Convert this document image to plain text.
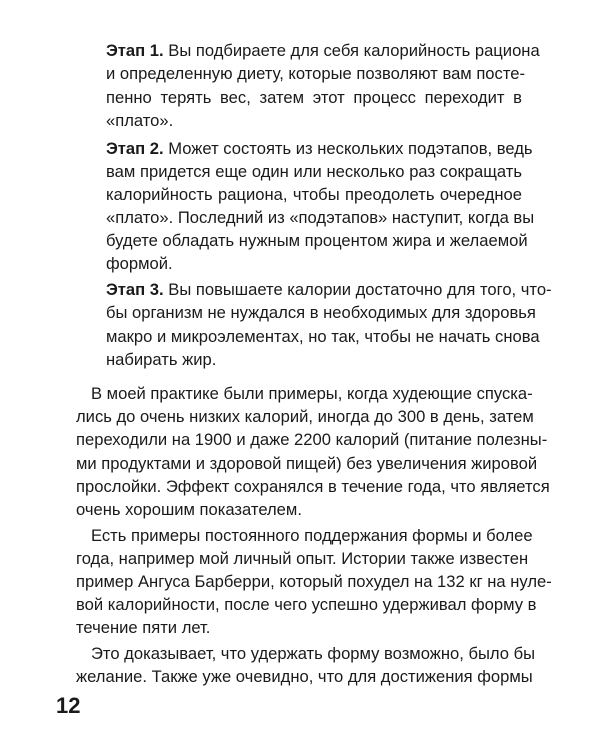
Этап 1. Вы подбираете для себя калорийность рациона
и определенную диету, которые позволяют вам посте-
пенно терять вес, затем этот процесс переходит в
«плато».
Этап 2. Может состоять из нескольких подэтапов, ведь
вам придется еще один или несколько раз сокращать
калорийность рациона, чтобы преодолеть очередное
«плато». Последний из «подэтапов» наступит, когда вы
будете обладать нужным процентом жира и желаемой
формой.
Этап 3. Вы повышаете калории достаточно для того, что-
бы организм не нуждался в необходимых для здоровья
макро и микроэлементах, но так, чтобы не начать снова
набирать жир.
В моей практике были примеры, когда худеющие спуска-
лись до очень низких калорий, иногда до 300 в день, затем
переходили на 1900 и даже 2200 калорий (питание полезны-
ми продуктами и здоровой пищей) без увеличения жировой
прослойки. Эффект сохранялся в течение года, что является
очень хорошим показателем.
Есть примеры постоянного поддержания формы и более
года, например мой личный опыт. Истории также известен
пример Ангуса Барберри, который похудел на 132 кг на нуле-
вой калорийности, после чего успешно удерживал форму в
течение пяти лет.
Это доказывает, что удержать форму возможно, было бы
желание. Также уже очевидно, что для достижения формы
12
